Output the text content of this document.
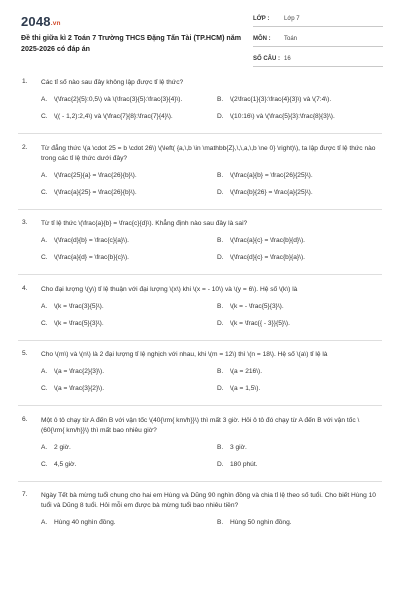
2048.vn
Đề thi giữa kì 2 Toán 7 Trường THCS Đặng Tấn Tài (TP.HCM) năm 2025-2026 có đáp án
LỚP : Lớp 7
MÔN : Toán
SỐ CÂU : 16
1. Các tỉ số nào sau đây không lập được tỉ lệ thức?
A.	\(\frac{2}{5}:0,5\) và \(\frac{3}{5}:\frac{3}{4}\).	B.	\(2\frac{1}{3}:\frac{4}{3}\) và \(7:4\).
C. \(( - 1,2):2,4\) và \(\frac{7}{8}:\frac{7}{4}\).	D. \(10:16\) và \(\frac{5}{3}:\frac{8}{3}\).
2. Từ đẳng thức \(a \cdot 25 = b \cdot 26\) \(\left( {a,\,b \in \mathbb{Z},\,\,a,\,b \ne 0} \right)\), ta lập được tỉ lệ thức nào trong các tỉ lệ thức dưới đây?
A.	\(\frac{25}{a} = \frac{26}{b}\).	B.	\(\frac{a}{b} = \frac{26}{25}\).
C. \(\frac{a}{25} = \frac{26}{b}\).	D. \(\frac{b}{26} = \frac{a}{25}\).
3. Từ tỉ lệ thức \(\frac{a}{b} = \frac{c}{d}\). Khẳng định nào sau đây là sai?
A.	\(\frac{d}{b} = \frac{c}{a}\).	B.	\(\frac{a}{c} = \frac{b}{d}\).
C. \(\frac{a}{d} = \frac{b}{c}\).	D. \(\frac{d}{c} = \frac{b}{a}\).
4. Cho đại lượng \(y\) tỉ lệ thuận với đại lượng \(x\) khi \(x = - 10\) và \(y = 6\). Hệ số \(k\) là
A.	\(k = \frac{3}{5}\).	B.	\(k = - \frac{5}{3}\).
C. \(k = \frac{5}{3}\).	D. \(k = \frac{{ - 3}}{5}\).
5. Cho \(m\) và \(n\) là 2 đại lượng tỉ lệ nghịch với nhau, khi \(m = 12\) thì \(n = 18\). Hệ số \(a\) tỉ lệ là
A.	\(a = \frac{2}{3}\).	B.	\(a = 216\).
C. \(a = \frac{3}{2}\).	D. \(a = 1,5\).
6. Một ô tô chạy từ A đến B với vận tốc \(40{\rm{ km/h}}\) thì mất 3 giờ. Hỏi ô tô đó chạy từ A đến B với vận tốc \(60{\rm{ km/h}}\) thì mất bao nhiêu giờ?
A.	2 giờ.	B.	3 giờ.
C. 4,5 giờ.	D. 180 phút.
7. Ngày Tết bà mừng tuổi chung cho hai em Hùng và Dũng 90 nghìn đồng và chia tỉ lệ theo số tuổi. Cho biết Hùng 10 tuổi và Dũng 8 tuổi. Hỏi mỗi em được bà mừng tuổi bao nhiêu tiền?
A.	Hùng 40 nghìn đồng.	B.	Hùng 50 nghìn đồng.
